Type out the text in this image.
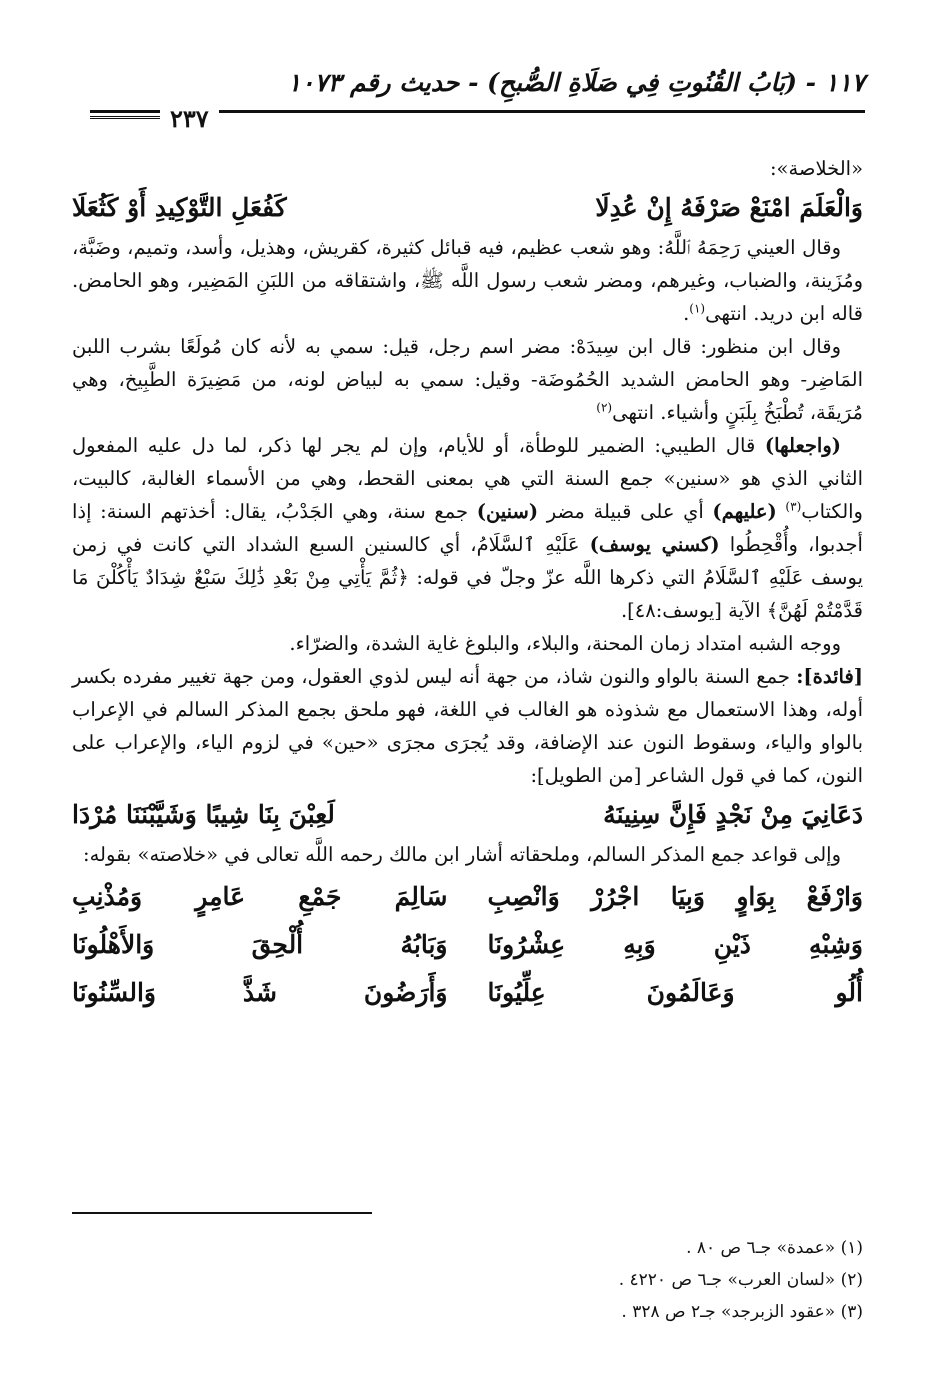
١١٧ - (بَابُ القُنُوتِ فِي صَلَاةِ الصُّبحِ) - حديث رقم ١٠٧٣
٢٣٧

«الخلاصة»:

وَالْعَلَمَ امْنَعْ صَرْفَهُ إِنْ عُدِلَا
كَفُعَلِ التَّوْكِيدِ أَوْ كَثُعَلَا

وقال العيني رَحِمَهُ ٱللَّهُ: وهو شعب عظيم، فيه قبائل كثيرة، كقريش، وهذيل، وأسد، وتميم، وضَبَّة، ومُزَينة، والضباب، وغيرهم، ومضر شعب رسول اللَّه ﷺ، واشتقاقه من اللبَنِ المَضِير، وهو الحامض. قاله ابن دريد. انتهى$^{(١)}$.

وقال ابن منظور: قال ابن سِيدَهْ: مضر اسم رجل، قيل: سمي به لأنه كان مُولَعًا بشرب اللبن المَاضِر- وهو الحامض الشديد الحُمُوضَة- وقيل: سمي به لبياض لونه، من مَضِيرَة الطَّبِيخ، وهي مُرَيقَة، تُطْبَخُ بِلَبَنٍ وأشياء. انتهى$^{(٢)}$

(واجعلها) قال الطيبي: الضمير للوطأة، أو للأيام، وإن لم يجر لها ذكر، لما دل عليه المفعول الثاني الذي هو «سنين» جمع السنة التي هي بمعنى القحط، وهي من الأسماء الغالبة، كالبيت، والكتاب$^{(٣)}$ (عليهم) أي على قبيلة مضر (سنين) جمع سنة، وهي الجَدْبُ، يقال: أخذتهم السنة: إذا أجدبوا، وأُقْحِطُوا (كسني يوسف) عَلَيْهِ ٱلسَّلَامُ، أي كالسنين السبع الشداد التي كانت في زمن يوسف عَلَيْهِ ٱلسَّلَامُ التي ذكرها اللَّه عزّ وجلّ في قوله: ﴿ثُمَّ يَأْتِي مِنْ بَعْدِ ذَٰلِكَ سَبْعٌ شِدَادٌ يَأْكُلْنَ مَا قَدَّمْتُمْ لَهُنَّ﴾ الآية [يوسف:٤٨].

ووجه الشبه امتداد زمان المحنة، والبلاء، والبلوغ غاية الشدة، والضرّاء.

[فائدة]: جمع السنة بالواو والنون شاذ، من جهة أنه ليس لذوي العقول، ومن جهة تغيير مفرده بكسر أوله، وهذا الاستعمال مع شذوذه هو الغالب في اللغة، فهو ملحق بجمع المذكر السالم في الإعراب بالواو والياء، وسقوط النون عند الإضافة، وقد يُجرَى مجرَى «حين» في لزوم الياء، والإعراب على النون، كما في قول الشاعر [من الطويل]:

دَعَانِيَ مِنْ نَجْدٍ فَإِنَّ سِنِينَهُ
لَعِبْنَ بِنَا شِيبًا وَشَيَّبْنَنَا مُرْدَا

وإلى قواعد جمع المذكر السالم، وملحقاته أشار ابن مالك رحمه اللَّه تعالى في «خلاصته» بقوله:

وَارْفَعْ بِوَاوٍ وَبِيَا اجْرُرْ وَانْصِبِ
سَالِمَ جَمْعِ عَامِرٍ وَمُذْنِبِ
وَشِبْهِ ذَيْنِ وَبِهِ عِشْرُونَا
وَبَابُهُ أُلْحِقَ وَالأَهْلُونَا
أُلُو وَعَالَمُونَ عِلِّيُونَا
وَأَرَضُونَ شَذَّ وَالسِّنُونَا
(١) «عمدة» جـ٦ ص ٨٠ .
(٢) «لسان العرب» جـ٦ ص ٤٢٢٠ .
(٣) «عقود الزبرجد» جـ٢ ص ٣٢٨ .
